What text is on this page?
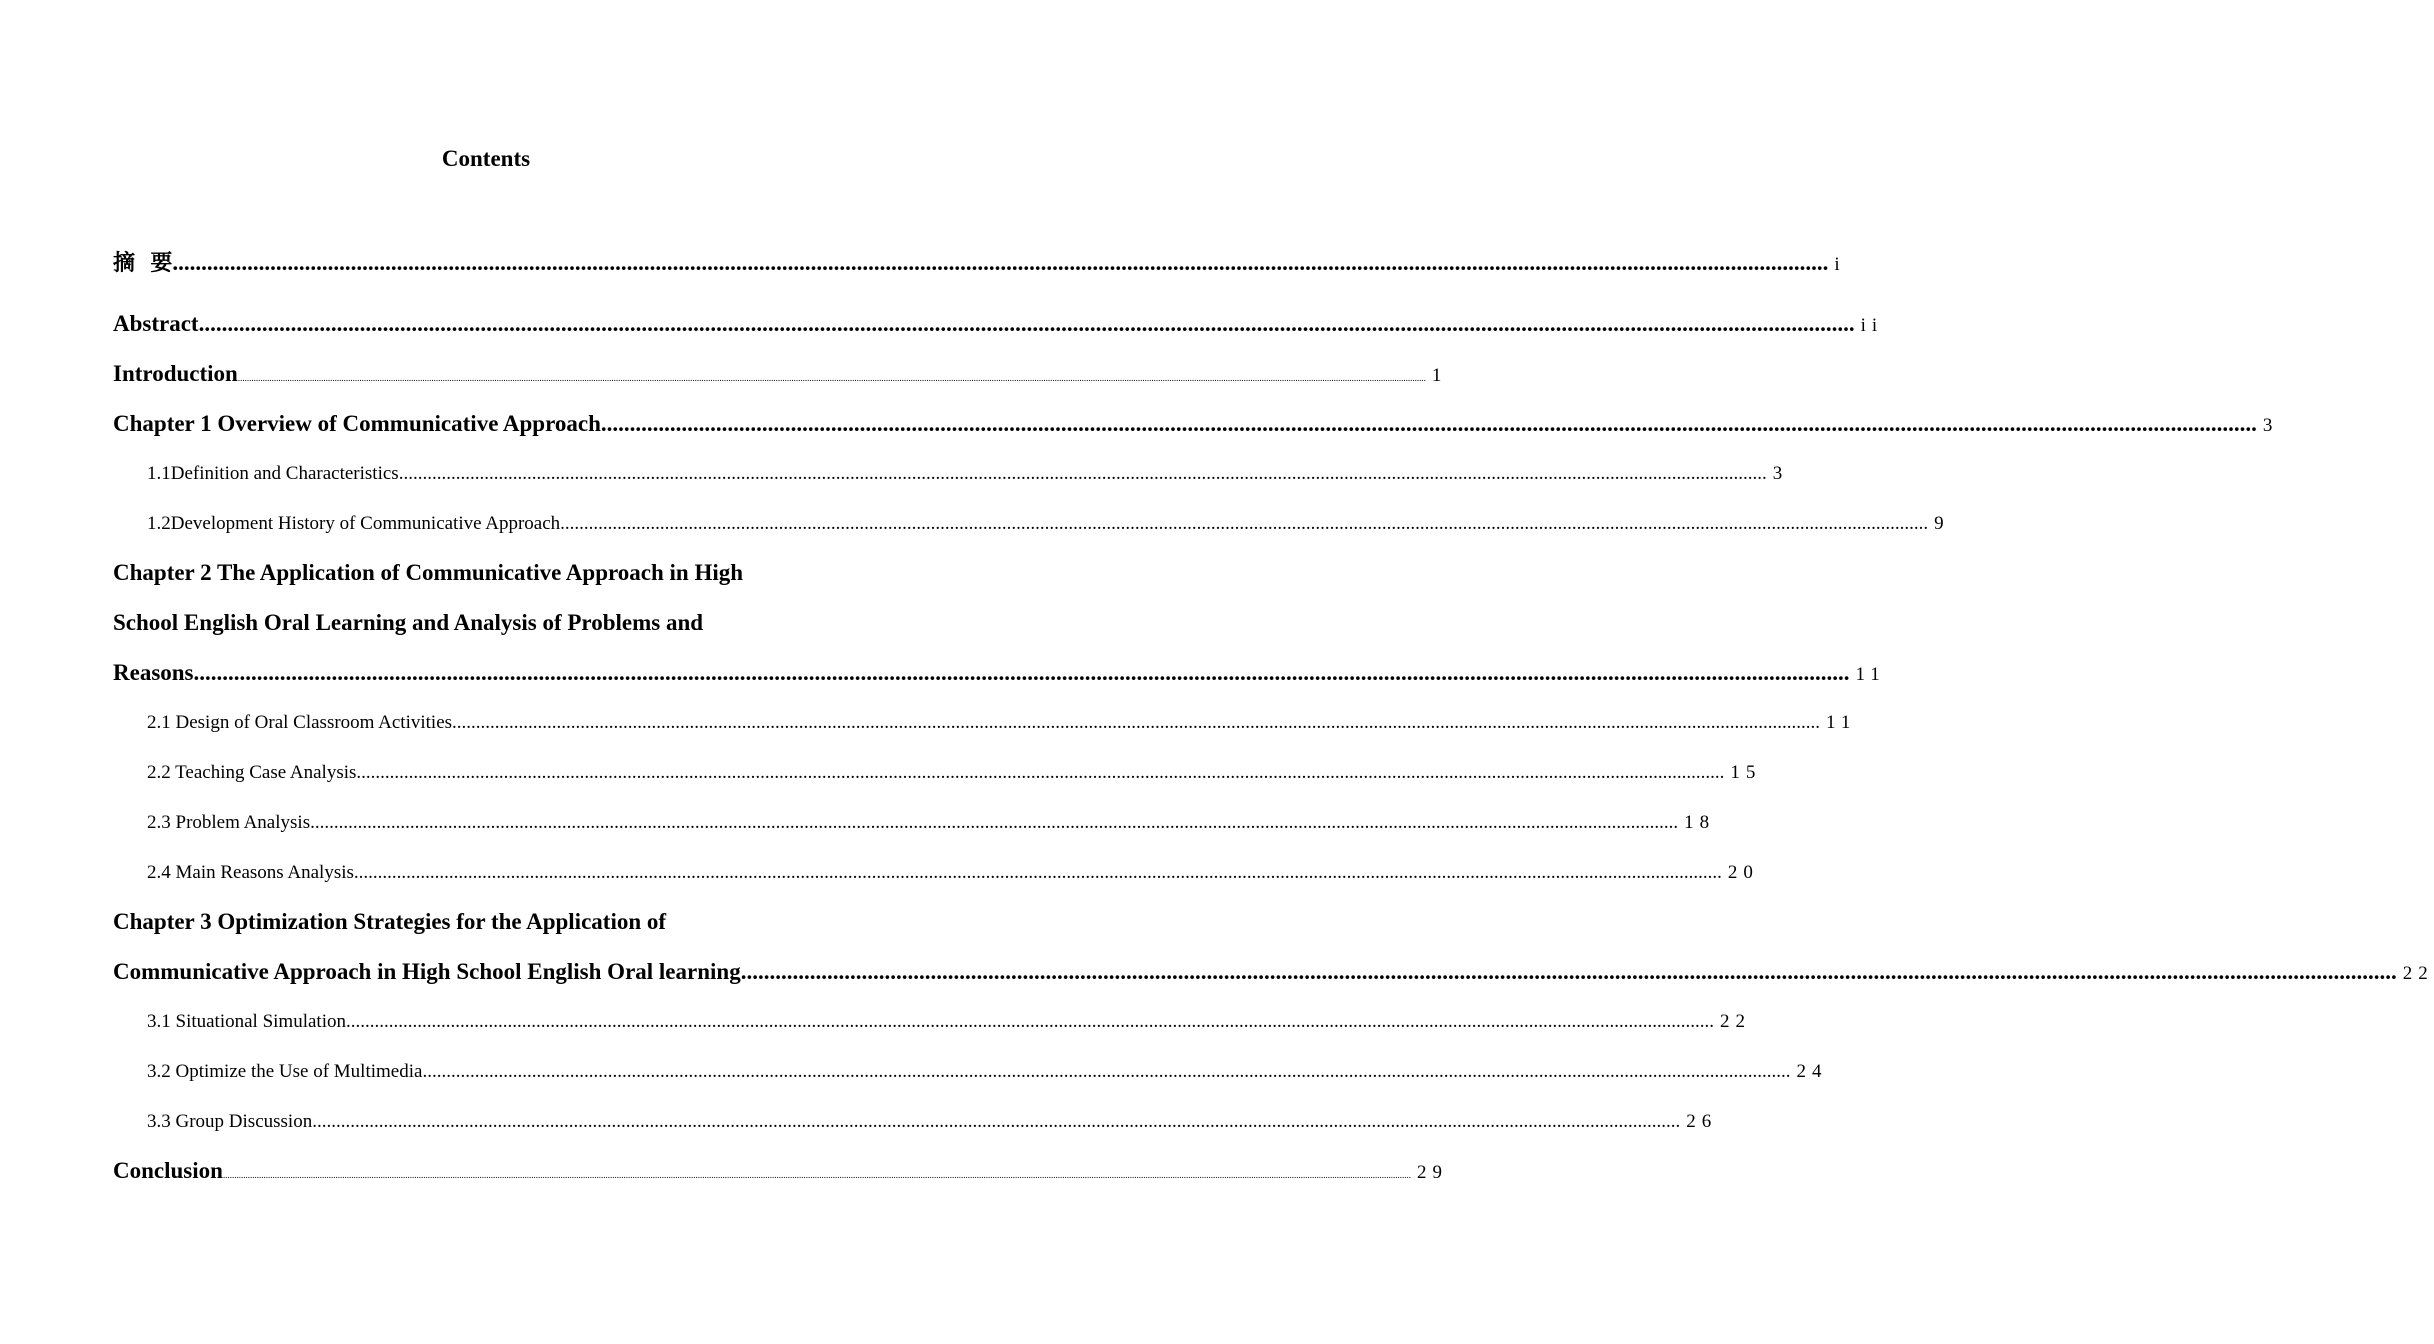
Contents
摘  要 .....	i
Abstract .....	ii
Introduction .....	1
Chapter 1 Overview of Communicative Approach .....	3
1.1Definition and Characteristics .....	3
1.2Development History of Communicative Approach .....	9
Chapter 2 The Application of Communicative Approach in High
School English Oral Learning and Analysis of Problems and
Reasons .....	11
2.1 Design of Oral Classroom Activities .....	11
2.2 Teaching Case Analysis .....	15
2.3 Problem Analysis .....	18
2.4 Main Reasons Analysis .....	20
Chapter 3 Optimization Strategies for the Application of
Communicative Approach in High School English Oral learning .....	22
3.1 Situational Simulation .....	22
3.2 Optimize the Use of Multimedia .....	24
3.3 Group Discussion .....	26
Conclusion .....	29
